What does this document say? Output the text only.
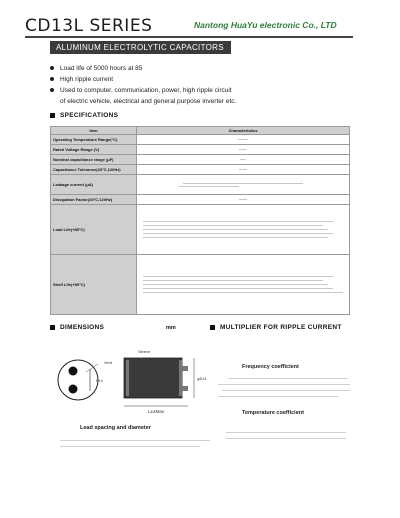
CD13L SERIES	Nantong HuaYu electronic Co., LTD
ALUMINUM ELECTROLYTIC CAPACITORS
Load life of 5000 hours at 85
High ripple current
Used to computer, communication, power, high ripple circuit
of electric vehicle, electrical and general purpose inverter etc.
SPECIFICATIONS
Item	Characteristics
Operating Temperature Range(°C)	

Rated Voltage Range (V)	

Nominal capacitance range (μF)	

Capacitance Tolerance(20°C,120Hz)	

Leakage current (μA)	

Dissipation Factor(20°C,120Hz)	

Load Life(+85°C)	

Shelf Life(+85°C)	
DIMENSIONS	mm	MULTIPLIER FOR RIPPLE CURRENT
Vent
P±1
Sleeve
φD±1
L±2Max
Lead spacing and diameter
Frequency coefficient
Temperature coefficient
